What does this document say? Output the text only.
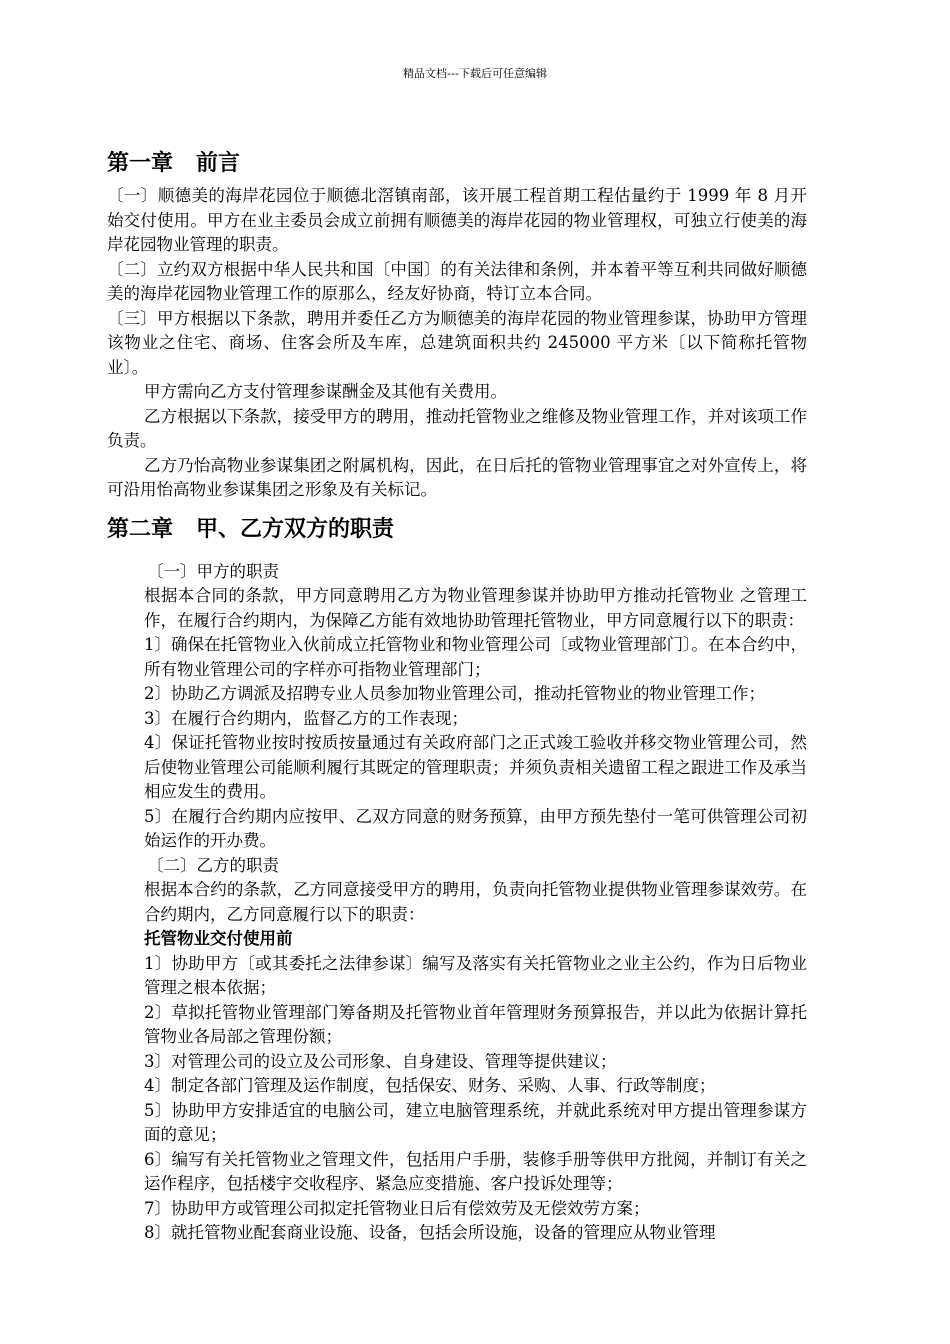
精品文档---下载后可任意编辑
第一章   前言

〔一〕顺德美的海岸花园位于顺德北滘镇南部，该开展工程首期工程估量约于 1999 年 8 月开始交付使用。甲方在业主委员会成立前拥有顺德美的海岸花园的物业管理权，可独立行使美的海岸花园物业管理的职责。

〔二〕立约双方根据中华人民共和国〔中国〕的有关法律和条例，并本着平等互利共同做好顺德美的海岸花园物业管理工作的原那么，经友好协商，特订立本合同。

〔三〕甲方根据以下条款，聘用并委任乙方为顺德美的海岸花园的物业管理参谋，协助甲方管理该物业之住宅、商场、住客会所及车库，总建筑面积共约 245000 平方米〔以下简称托管物业〕。

甲方需向乙方支付管理参谋酬金及其他有关费用。

乙方根据以下条款，接受甲方的聘用，推动托管物业之维修及物业管理工作，并对该项工作负责。

乙方乃怡高物业参谋集团之附属机构，因此，在日后托的管物业管理事宜之对外宣传上，将可沿用怡高物业参谋集团之形象及有关标记。

第二章   甲、乙方双方的职责

〔一〕甲方的职责

根据本合同的条款，甲方同意聘用乙方为物业管理参谋并协助甲方推动托管物业 之管理工作，在履行合约期内，为保障乙方能有效地协助管理托管物业，甲方同意履行以下的职责：

1〕确保在托管物业入伙前成立托管物业和物业管理公司〔或物业管理部门〕。在本合约中，所有物业管理公司的字样亦可指物业管理部门；

2〕协助乙方调派及招聘专业人员参加物业管理公司，推动托管物业的物业管理工作；

3〕在履行合约期内，监督乙方的工作表现；

4〕保证托管物业按时按质按量通过有关政府部门之正式竣工验收并移交物业管理公司，然后使物业管理公司能顺利履行其既定的管理职责；并须负责相关遗留工程之跟进工作及承当相应发生的费用。

5〕在履行合约期内应按甲、乙双方同意的财务预算，由甲方预先垫付一笔可供管理公司初始运作的开办费。

〔二〕乙方的职责

根据本合约的条款，乙方同意接受甲方的聘用，负责向托管物业提供物业管理参谋效劳。在合约期内，乙方同意履行以下的职责：

托管物业交付使用前

1〕协助甲方〔或其委托之法律参谋〕编写及落实有关托管物业之业主公约，作为日后物业管理之根本依据；

2〕草拟托管物业管理部门筹备期及托管物业首年管理财务预算报告，并以此为依据计算托管物业各局部之管理份额；

3〕对管理公司的设立及公司形象、自身建设、管理等提供建议；

4〕制定各部门管理及运作制度，包括保安、财务、采购、人事、行政等制度；

5〕协助甲方安排适宜的电脑公司，建立电脑管理系统，并就此系统对甲方提出管理参谋方面的意见；

6〕编写有关托管物业之管理文件，包括用户手册，装修手册等供甲方批阅，并制订有关之运作程序，包括楼宇交收程序、紧急应变措施、客户投诉处理等；

7〕协助甲方或管理公司拟定托管物业日后有偿效劳及无偿效劳方案；

8〕就托管物业配套商业设施、设备，包括会所设施，设备的管理应从物业管理
